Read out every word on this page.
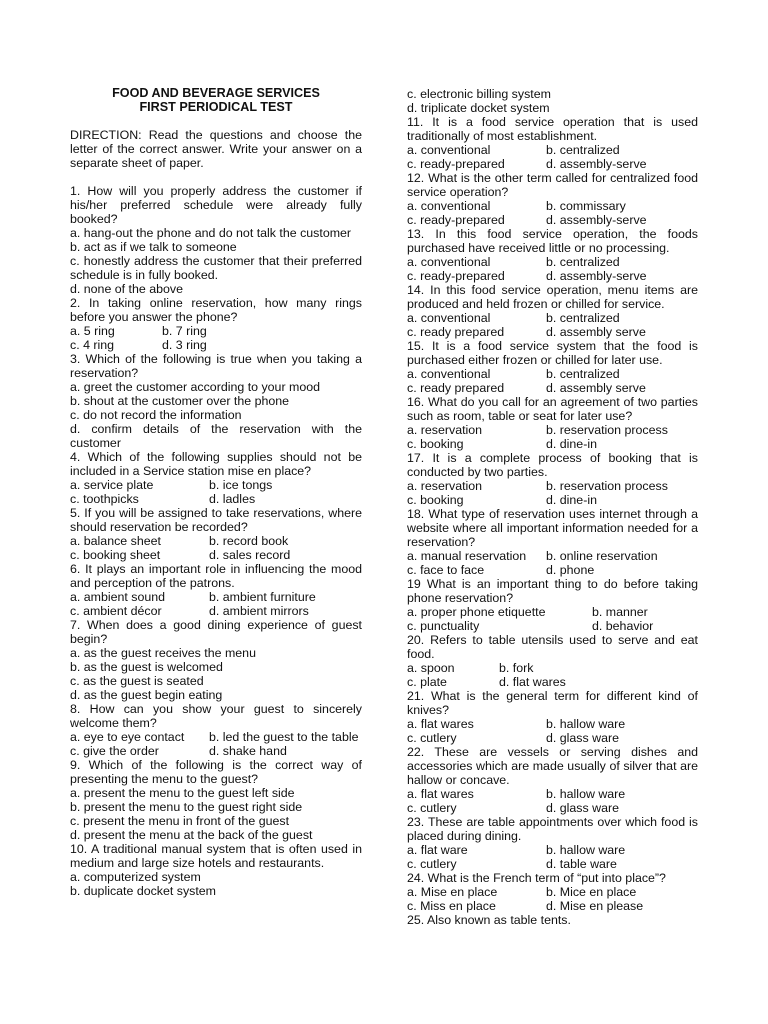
FOOD AND BEVERAGE SERVICES
FIRST PERIODICAL TEST
DIRECTION: Read the questions and choose the letter of the correct answer. Write your answer on a separate sheet of paper.
1. How will you properly address the customer if his/her preferred schedule were already fully booked?
a. hang-out the phone and do not talk the customer
b. act as if we talk to someone
c. honestly address the customer that their preferred schedule is in fully booked.
d. none of the above
2. In taking online reservation, how many rings before you answer the phone?
a. 5 ring	b. 7 ring
c. 4 ring	d. 3 ring
3. Which of the following is true when you taking a reservation?
a. greet the customer according to your mood
b. shout at the customer over the phone
c. do not record the information
d. confirm details of the reservation with the customer
4. Which of the following supplies should not be included in a Service station mise en place?
a. service plate	b. ice tongs
c. toothpicks	d. ladles
5. If you will be assigned to take reservations, where should reservation be recorded?
a. balance sheet	b. record book
c. booking sheet	d. sales record
6. It plays an important role in influencing the mood and perception of the patrons.
a. ambient sound	b. ambient furniture
c. ambient décor	d. ambient mirrors
7. When does a good dining experience of guest begin?
a. as the guest receives the menu
b. as the guest is welcomed
c. as the guest is seated
d. as the guest begin eating
8. How can you show your guest to sincerely welcome them?
a. eye to eye contact	b. led the guest to the table
c. give the order	d. shake hand
9. Which of the following is the correct way of presenting the menu to the guest?
a. present the menu to the guest left side
b. present the menu to the guest right side
c. present the menu in front of the guest
d. present the menu at the back of the guest
10. A traditional manual system that is often used in medium and large size hotels and restaurants.
a. computerized system
b. duplicate docket system
c. electronic billing system
d. triplicate docket system
11. It is a food service operation that is used traditionally of most establishment.
a. conventional	b. centralized
c. ready-prepared	d. assembly-serve
12. What is the other term called for centralized food service operation?
a. conventional	b. commissary
c. ready-prepared	d. assembly-serve
13. In this food service operation, the foods purchased have received little or no processing.
a. conventional	b. centralized
c. ready-prepared	d. assembly-serve
14. In this food service operation, menu items are produced and held frozen or chilled for service.
a. conventional	b. centralized
c. ready prepared	d. assembly serve
15. It is a food service system that the food is purchased either frozen or chilled for later use.
a. conventional	b. centralized
c. ready prepared	d. assembly serve
16. What do you call for an agreement of two parties such as room, table or seat for later use?
a. reservation	b. reservation process
c. booking	d. dine-in
17. It is a complete process of booking that is conducted by two parties.
a. reservation	b. reservation process
c. booking	d. dine-in
18. What type of reservation uses internet through a website where all important information needed for a reservation?
a. manual reservation	b. online reservation
c. face to face	d. phone
19 What is an important thing to do before taking phone reservation?
a. proper phone etiquette	b. manner
c. punctuality	d. behavior
20. Refers to table utensils used to serve and eat food.
a. spoon	b. fork
c. plate	d. flat wares
21. What is the general term for different kind of knives?
a. flat wares	b. hallow ware
c. cutlery	d. glass ware
22. These are vessels or serving dishes and accessories which are made usually of silver that are hallow or concave.
a. flat wares	b. hallow ware
c. cutlery	d. glass ware
23. These are table appointments over which food is placed during dining.
a. flat ware	b. hallow ware
c. cutlery	d. table ware
24. What is the French term of “put into place”?
a. Mise en place	b. Mice en place
c. Miss en place	d. Mise en please
25. Also known as table tents.
